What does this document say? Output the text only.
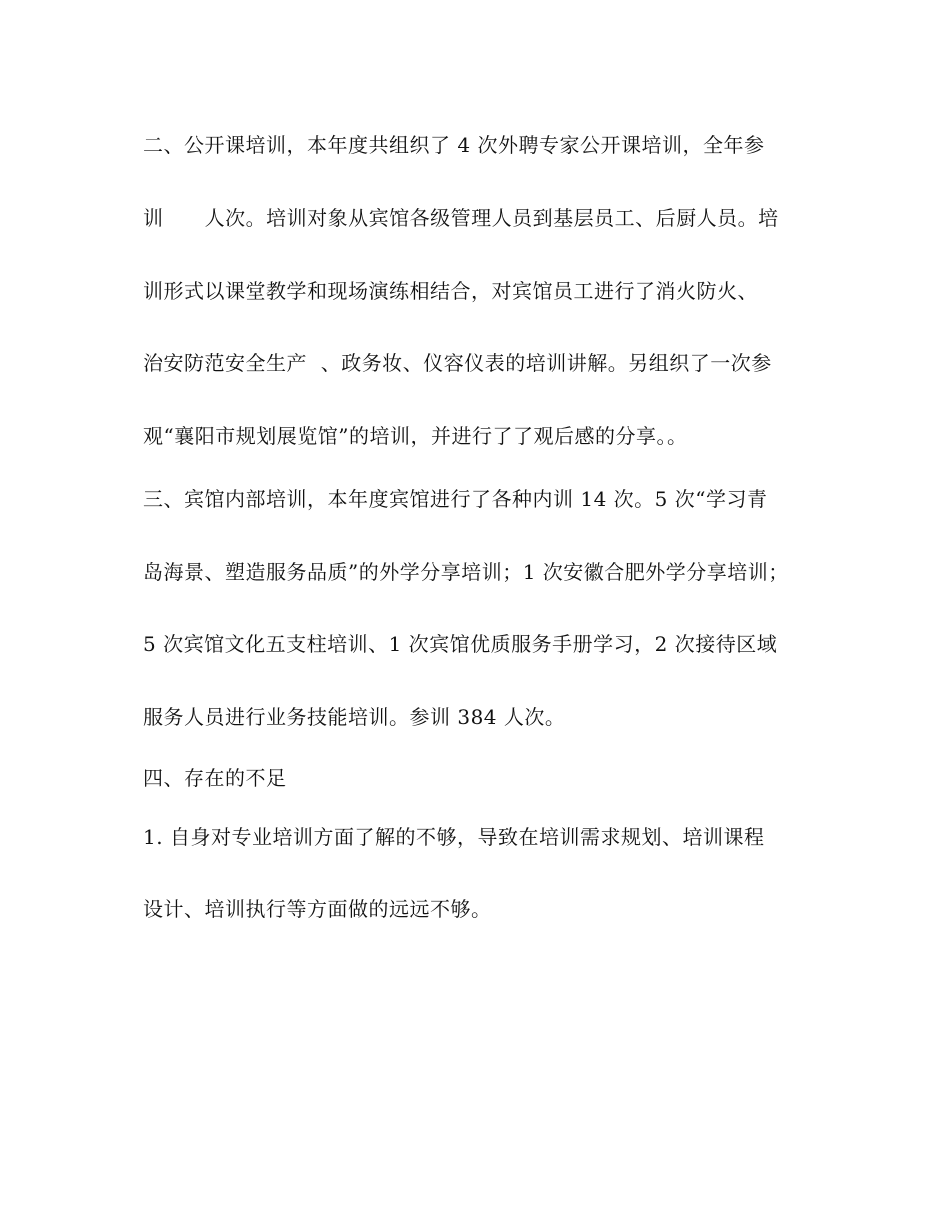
二、公开课培训，本年度共组织了 4 次外聘专家公开课培训，全年参
训      人次。培训对象从宾馆各级管理人员到基层员工、后厨人员。培
训形式以课堂教学和现场演练相结合，对宾馆员工进行了消火防火、
治安防范安全生产  、政务妆、仪容仪表的培训讲解。另组织了一次参
观“襄阳市规划展览馆”的培训，并进行了了观后感的分享。。
三、宾馆内部培训，本年度宾馆进行了各种内训 14 次。5 次“学习青
岛海景、塑造服务品质”的外学分享培训；1 次安徽合肥外学分享培训；
5 次宾馆文化五支柱培训、1 次宾馆优质服务手册学习，2 次接待区域
服务人员进行业务技能培训。参训 384 人次。
四、存在的不足
1. 自身对专业培训方面了解的不够，导致在培训需求规划、培训课程
设计、培训执行等方面做的远远不够。
